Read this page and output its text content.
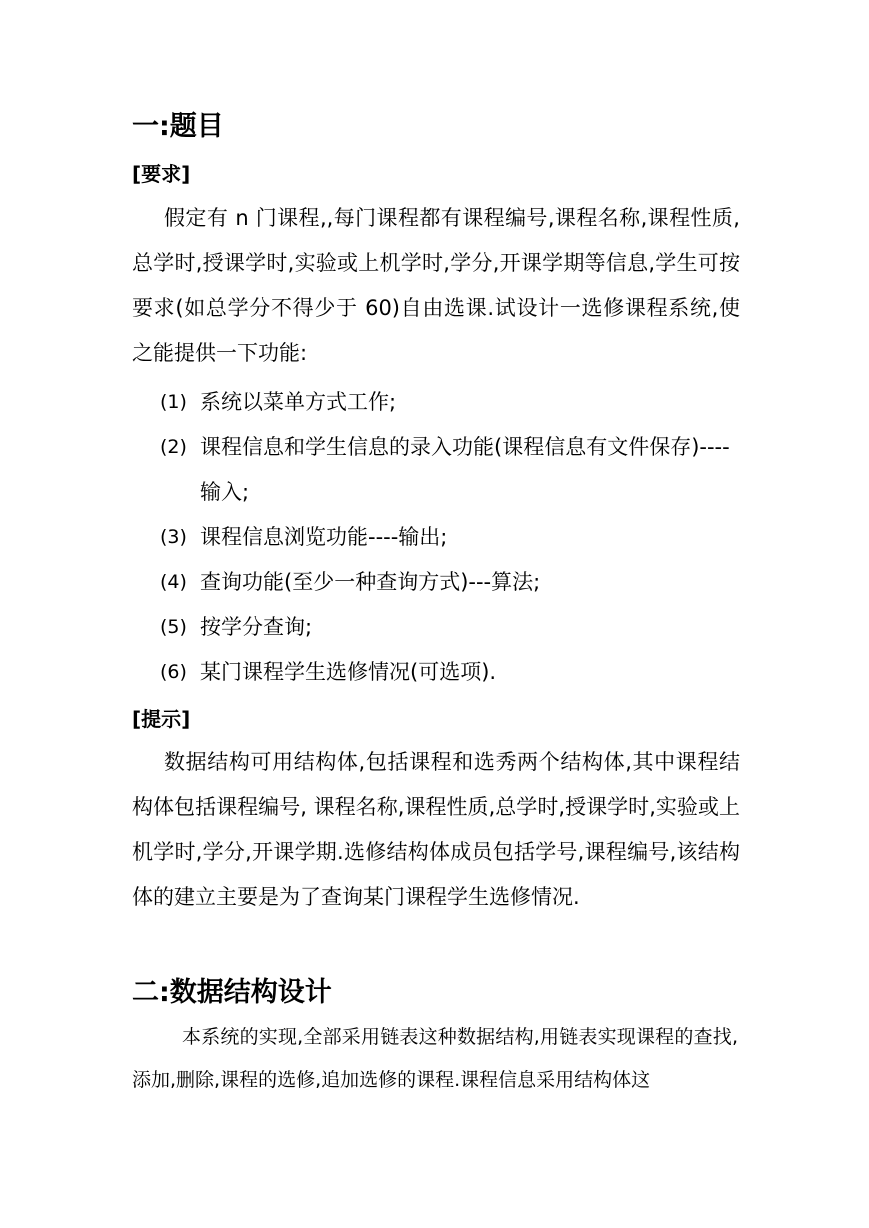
一:题目
[要求]

假定有 n 门课程,,每门课程都有课程编号,课程名称,课程性质,总学时,授课学时,实验或上机学时,学分,开课学期等信息,学生可按要求(如总学分不得少于 60)自由选课.试设计一选修课程系统,使之能提供一下功能:

(1) 系统以菜单方式工作;
(2) 课程信息和学生信息的录入功能(课程信息有文件保存)----输入;
(3) 课程信息浏览功能----输出;
(4) 查询功能(至少一种查询方式)---算法;
(5) 按学分查询;
(6) 某门课程学生选修情况(可选项).
[提示]

数据结构可用结构体,包括课程和选秀两个结构体,其中课程结构体包括课程编号, 课程名称,课程性质,总学时,授课学时,实验或上机学时,学分,开课学期.选修结构体成员包括学号,课程编号,该结构体的建立主要是为了查询某门课程学生选修情况.

二:数据结构设计

本系统的实现,全部采用链表这种数据结构,用链表实现课程的查找,添加,删除,课程的选修,追加选修的课程.课程信息采用结构体这
